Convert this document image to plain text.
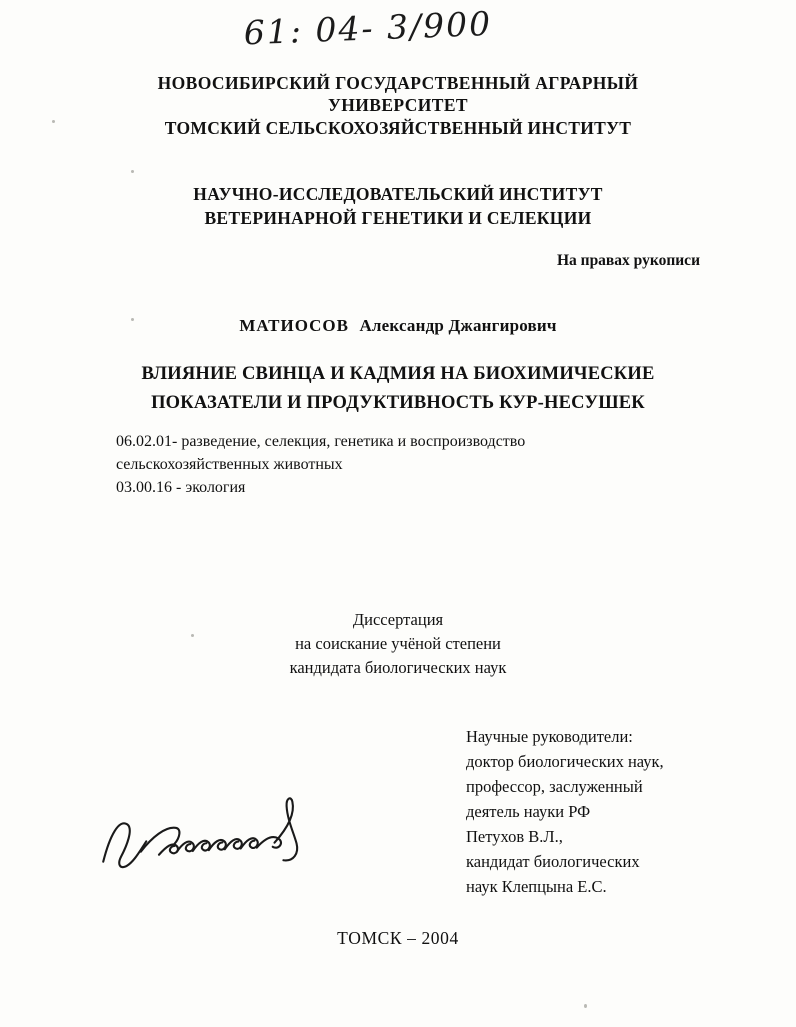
61: 04- 3/900
НОВОСИБИРСКИЙ ГОСУДАРСТВЕННЫЙ АГРАРНЫЙ
УНИВЕРСИТЕТ
ТОМСКИЙ СЕЛЬСКОХОЗЯЙСТВЕННЫЙ ИНСТИТУТ
НАУЧНО-ИССЛЕДОВАТЕЛЬСКИЙ ИНСТИТУТ
ВЕТЕРИНАРНОЙ ГЕНЕТИКИ И СЕЛЕКЦИИ
На правах рукописи
МАТИОСОВ Александр Джангирович
ВЛИЯНИЕ СВИНЦА И КАДМИЯ НА БИОХИМИЧЕСКИЕ
ПОКАЗАТЕЛИ И ПРОДУКТИВНОСТЬ КУР-НЕСУШЕК
06.02.01- разведение, селекция, генетика и воспроизводство
сельскохозяйственных животных
03.00.16 - экология
Диссертация
на соискание учёной степени
кандидата биологических наук
Научные руководители:
доктор биологических наук,
профессор, заслуженный
деятель науки РФ
Петухов В.Л.,
кандидат биологических
наук Клепцына Е.С.
ТОМСК – 2004
